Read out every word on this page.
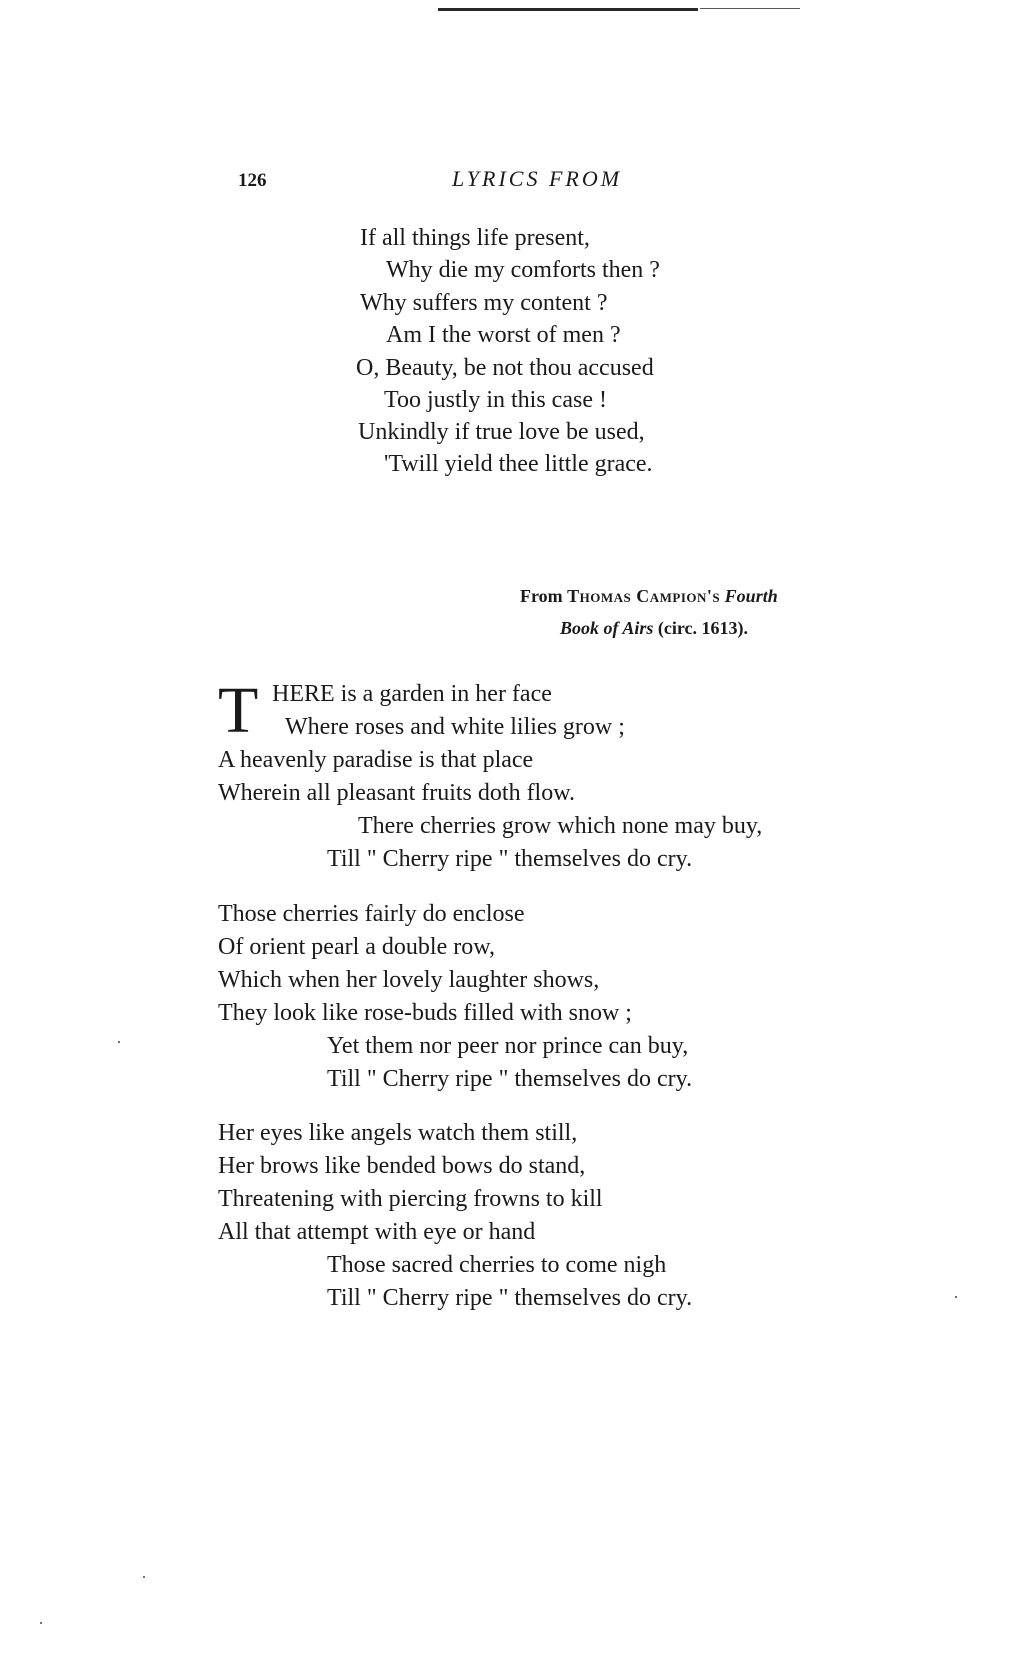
126	LYRICS FROM
If all things life present,
Why die my comforts then ?
Why suffers my content ?
Am I the worst of men ?
O, Beauty, be not thou accused
Too justly in this case !
Unkindly if true love be used,
'Twill yield thee little grace.
From Thomas Campion's Fourth
Book of Airs (circ. 1613).
T HERE is a garden in her face
Where roses and white lilies grow ;
A heavenly paradise is that place
Wherein all pleasant fruits doth flow.
There cherries grow which none may buy,
Till " Cherry ripe " themselves do cry.
Those cherries fairly do enclose
Of orient pearl a double row,
Which when her lovely laughter shows,
They look like rose-buds filled with snow ;
Yet them nor peer nor prince can buy,
Till " Cherry ripe " themselves do cry.
Her eyes like angels watch them still,
Her brows like bended bows do stand,
Threatening with piercing frowns to kill
All that attempt with eye or hand
Those sacred cherries to come nigh
Till " Cherry ripe " themselves do cry.
